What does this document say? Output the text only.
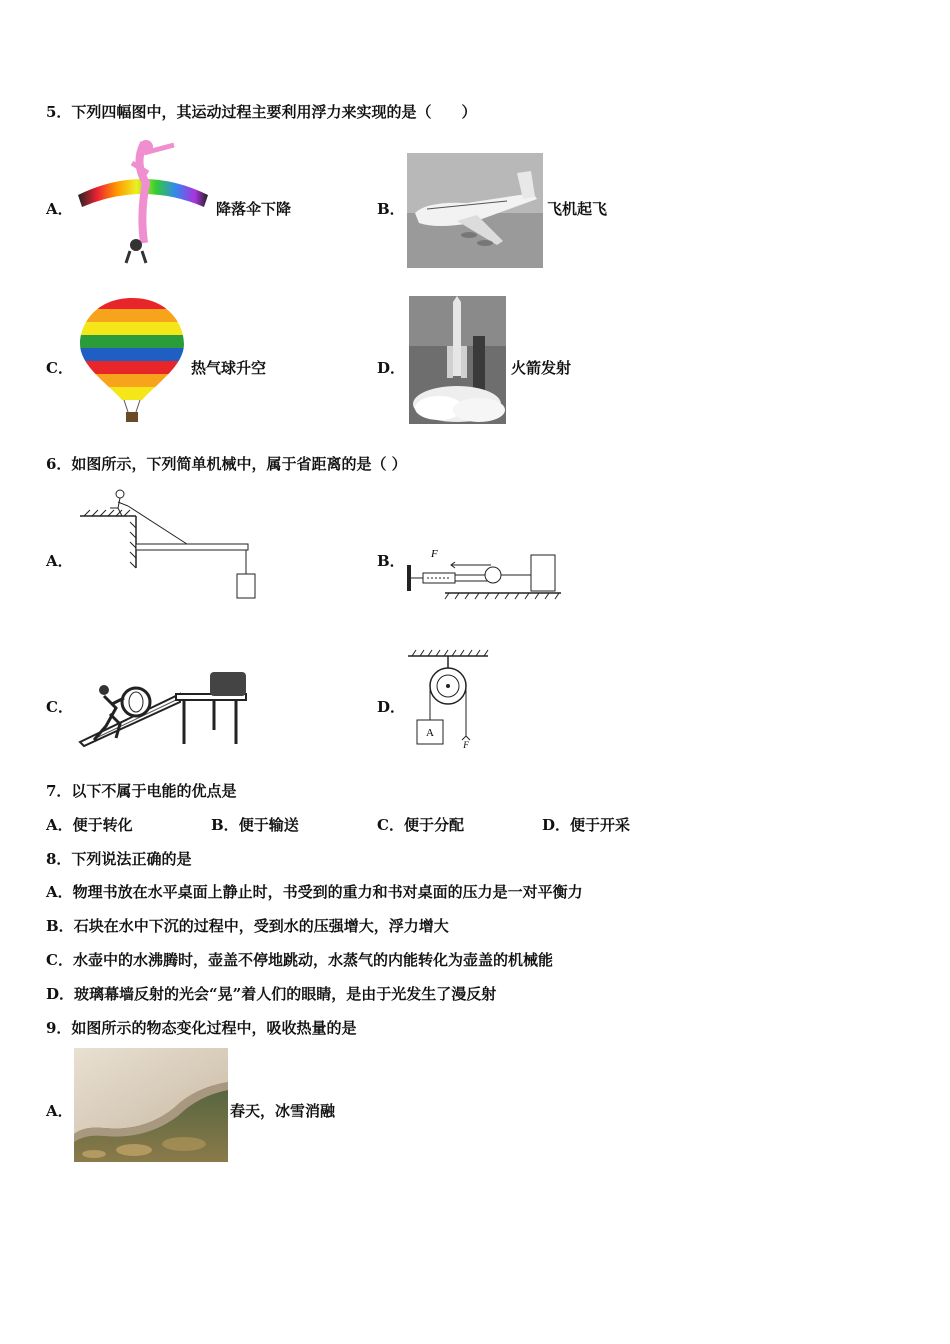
5．下列四幅图中，其运动过程主要利用浮力来实现的是（　　）
A．	降落伞下降	B．	飞机起飞
C．	热气球升空	D．	火箭发射
6．如图所示，下列简单机械中，属于省距离的是（ ）
A．	B． F
C．	D．
A
F
7．以下不属于电能的优点是
A．便于转化	B．便于输送	C．便于分配	D．便于开采
8．下列说法正确的是
A．物理书放在水平桌面上静止时，书受到的重力和书对桌面的压力是一对平衡力
B．石块在水中下沉的过程中，受到水的压强增大，浮力增大
C．水壶中的水沸腾时，壶盖不停地跳动，水蒸气的内能转化为壶盖的机械能
D．玻璃幕墙反射的光会“晃”着人们的眼睛，是由于光发生了漫反射
9．如图所示的物态变化过程中，吸收热量的是
A．	春天，冰雪消融
